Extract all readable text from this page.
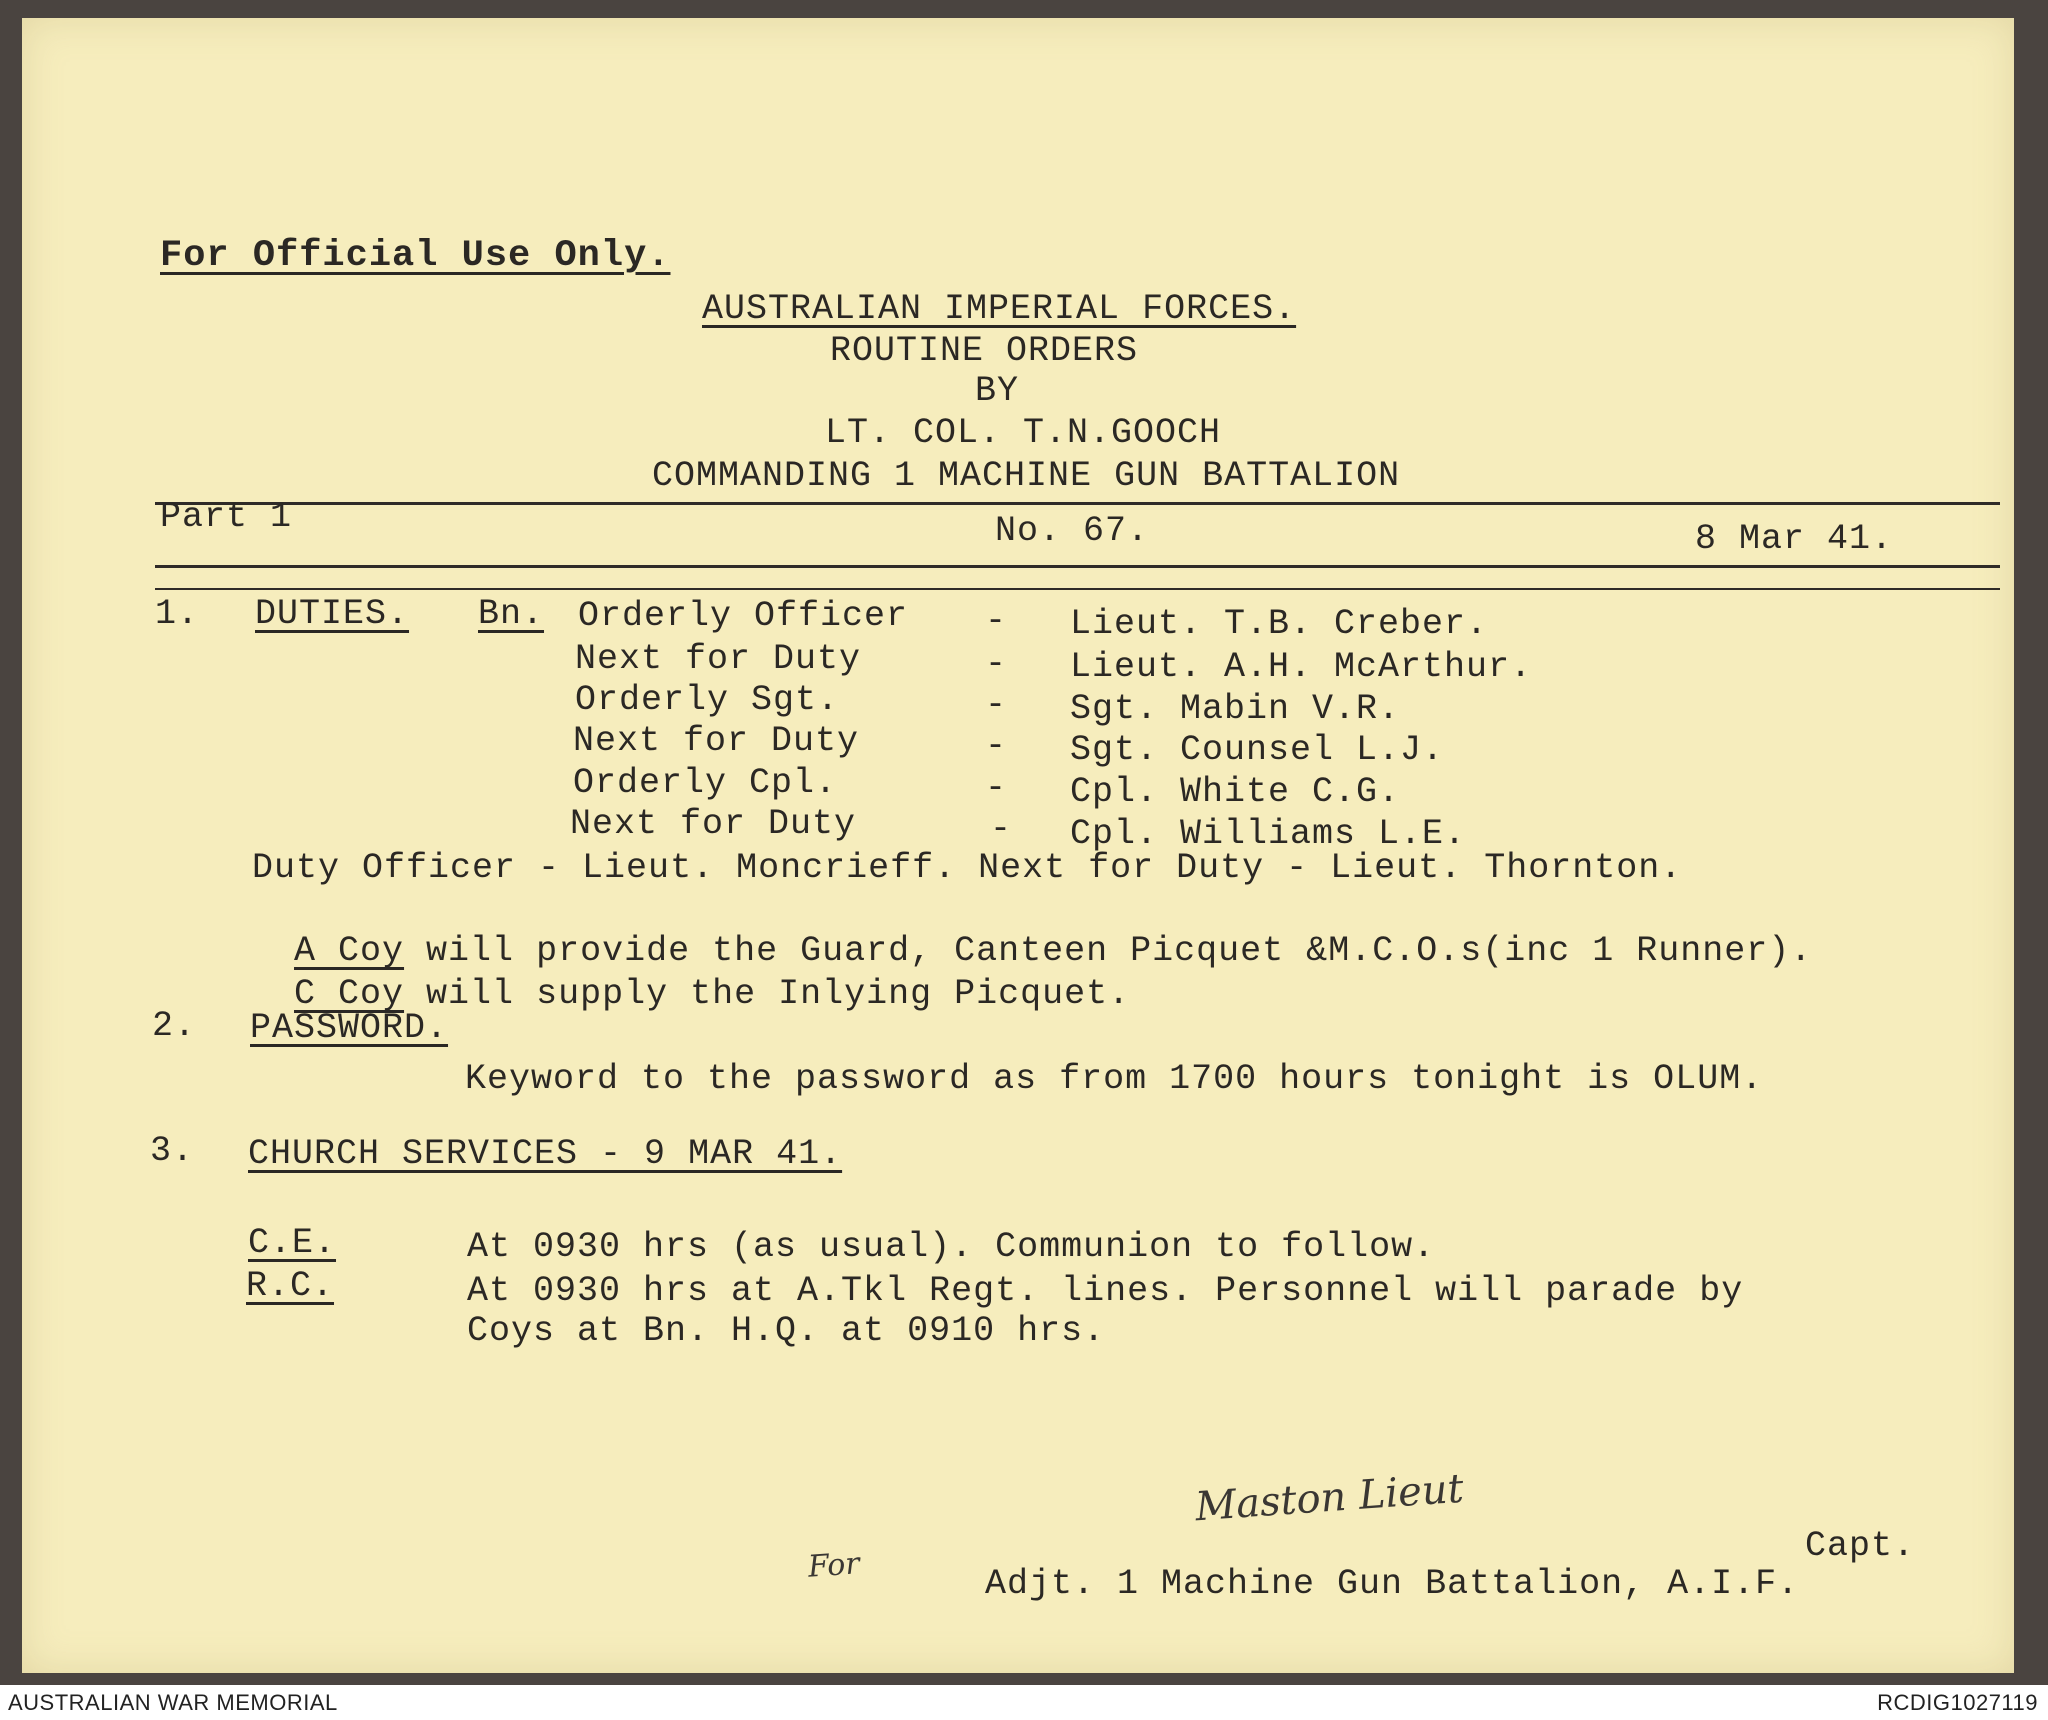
For Official Use Only.
AUSTRALIAN IMPERIAL FORCES.
ROUTINE ORDERS
BY
LT. COL. T.N.GOOCH
COMMANDING 1 MACHINE GUN BATTALION
Part 1	No. 67.	8 Mar 41.
1. DUTIES. Bn. Orderly Officer - Lieut. T.B. Creber.
Next for Duty	- Lieut. A.H. McArthur.
Orderly Sgt.	- Sgt. Mabin V.R.
Next for Duty	- Sgt. Counsel L.J.
Orderly Cpl.	- Cpl. White C.G.
Next for Duty	- Cpl. Williams L.E.
Duty Officer - Lieut. Moncrieff. Next for Duty - Lieut. Thornton.

A Coy will provide the Guard, Canteen Picquet &M.C.O.s(inc 1 Runner).

C Coy will supply the Inlying Picquet.

2. PASSWORD.
Keyword to the password as from 1700 hours tonight is OLUM.
3. CHURCH SERVICES - 9 MAR 41.
C.E.	At 0930 hrs (as usual). Communion to follow.
R.C.	At 0930 hrs at A.Tkl Regt. lines. Personnel will parade by
Coys at Bn. H.Q. at 0910 hrs.
Maston Lieut
Capt.
For	Adjt. 1 Machine Gun Battalion, A.I.F.
AUSTRALIAN WAR MEMORIAL	RCDIG1027119
